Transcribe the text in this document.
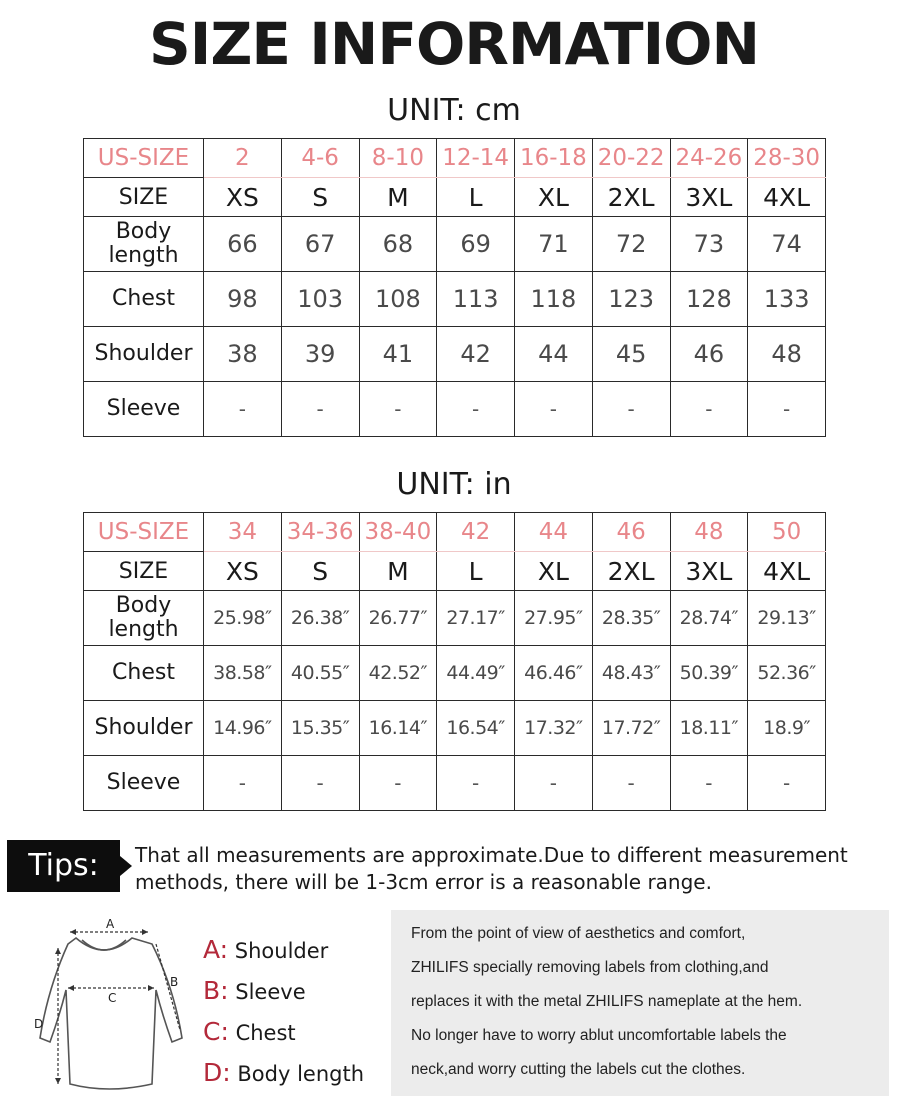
SIZE INFORMATION
UNIT: cm
US-SIZE	2	4-6	8-10	12-14	16-18	20-22	24-26	28-30
SIZE	XS	S	M	L	XL	2XL	3XL	4XL

Body
length	66	67	68	69	71	72	73	74
Chest	98	103	108	113	118	123	128	133
Shoulder	38	39	41	42	44	45	46	48
Sleeve	-	-	-	-	-	-	-	-
UNIT: in
US-SIZE	34	34-36	38-40	42	44	46	48	50
SIZE	XS	S	M	L	XL	2XL	3XL	4XL

Body
length	25.98″	26.38″	26.77″	27.17″	27.95″	28.35″	28.74″	29.13″
Chest	38.58″	40.55″	42.52″	44.49″	46.46″	48.43″	50.39″	52.36″
Shoulder	14.96″	15.35″	16.14″	16.54″	17.32″	17.72″	18.11″	18.9″
Sleeve	-	-	-	-	-	-	-	-
Tips:	That all measurements are approximate.Due to different measurement methods, there will be 1-3cm error is a reasonable range.
A
B
C
D
A: Shoulder
B: Sleeve
C: Chest
D: Body length
From the point of view of aesthetics and comfort,
ZHILIFS specially removing labels from clothing,and
replaces it with the metal ZHILIFS nameplate at the hem.
No longer have to worry ablut uncomfortable labels the
neck,and worry cutting the labels cut the clothes.
